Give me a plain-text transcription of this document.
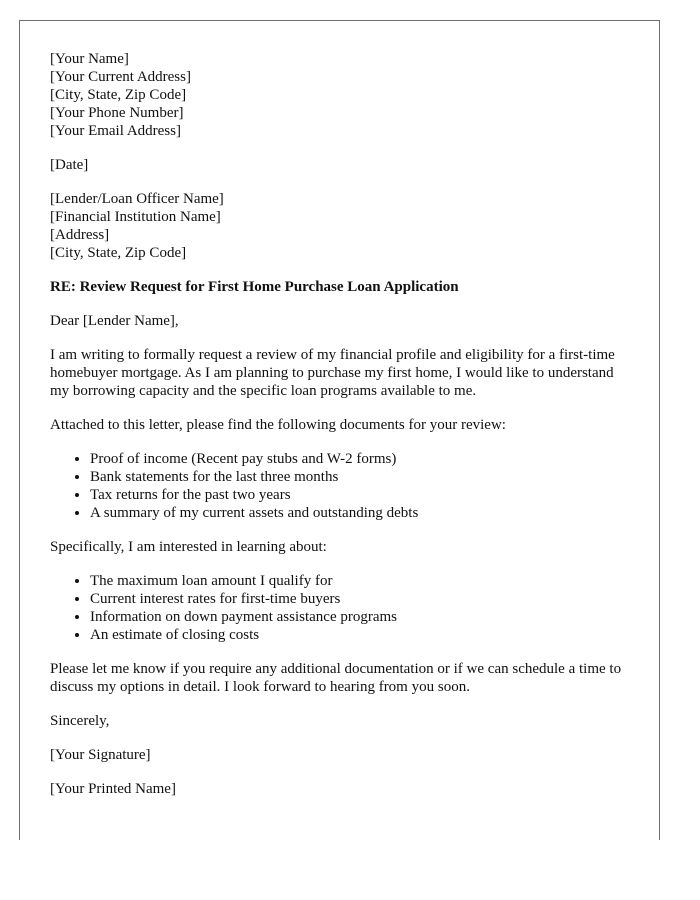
[Your Name]

[Your Current Address]

[City, State, Zip Code]

[Your Phone Number]

[Your Email Address]

[Date]

[Lender/Loan Officer Name]

[Financial Institution Name]

[Address]

[City, State, Zip Code]

RE: Review Request for First Home Purchase Loan Application

Dear [Lender Name],

I am writing to formally request a review of my financial profile and eligibility for a first-time homebuyer mortgage. As I am planning to purchase my first home, I would like to understand my borrowing capacity and the specific loan programs available to me.

Attached to this letter, please find the following documents for your review:

• Proof of income (Recent pay stubs and W-2 forms)
• Bank statements for the last three months
• Tax returns for the past two years
• A summary of my current assets and outstanding debts

Specifically, I am interested in learning about:

• The maximum loan amount I qualify for
• Current interest rates for first-time buyers
• Information on down payment assistance programs
• An estimate of closing costs

Please let me know if you require any additional documentation or if we can schedule a time to discuss my options in detail. I look forward to hearing from you soon.

Sincerely,

[Your Signature]

[Your Printed Name]
